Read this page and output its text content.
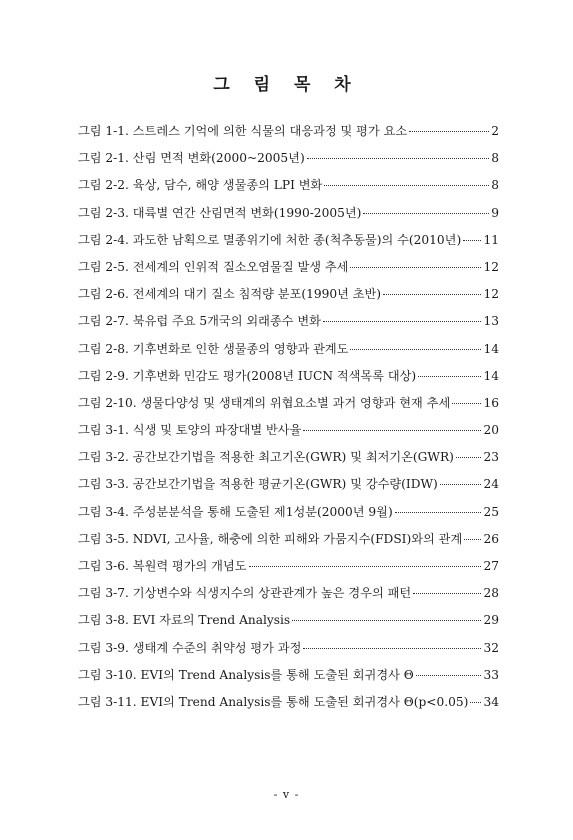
그 림 목 차
그림 1-1. 스트레스 기억에 의한 식물의 대응과정 및 평가 요소	2
그림 2-1. 산림 면적 변화(2000~2005년)	8
그림 2-2. 육상, 담수, 해양 생물종의 LPI 변화	8
그림 2-3. 대륙별 연간 산림면적 변화(1990-2005년)	9
그림 2-4. 과도한 남획으로 멸종위기에 처한 종(척추동물)의 수(2010년) 11
그림 2-5. 전세계의 인위적 질소오염물질 발생 추세	12
그림 2-6. 전세계의 대기 질소 침적량 분포(1990년 초반)	12
그림 2-7. 북유럽 주요 5개국의 외래종수 변화	13
그림 2-8. 기후변화로 인한 생물종의 영향과 관계도	14
그림 2-9. 기후변화 민감도 평가(2008년 IUCN 적색목록 대상)	14
그림 2-10. 생물다양성 및 생태계의 위협요소별 과거 영향과 현재 추세	16
그림 3-1. 식생 및 토양의 파장대별 반사율	20
그림 3-2. 공간보간기법을 적용한 최고기온(GWR) 및 최저기온(GWR) 23
그림 3-3. 공간보간기법을 적용한 평균기온(GWR) 및 강수량(IDW)	24
그림 3-4. 주성분분석을 통해 도출된 제1성분(2000년 9월)	25
그림 3-5. NDVI, 고사율, 해충에 의한 피해와 가뭄지수(FDSI)와의 관계 26
그림 3-6. 복원력 평가의 개념도	27
그림 3-7. 기상변수와 식생지수의 상관관계가 높은 경우의 패턴	28
그림 3-8. EVI 자료의 Trend Analysis	29
그림 3-9. 생태계 수준의 취약성 평가 과정	32
그림 3-10. EVI의 Trend Analysis를 통해 도출된 회귀경사 Θ	33
그림 3-11. EVI의 Trend Analysis를 통해 도출된 회귀경사 Θ(p<0.05) 34
- v -
